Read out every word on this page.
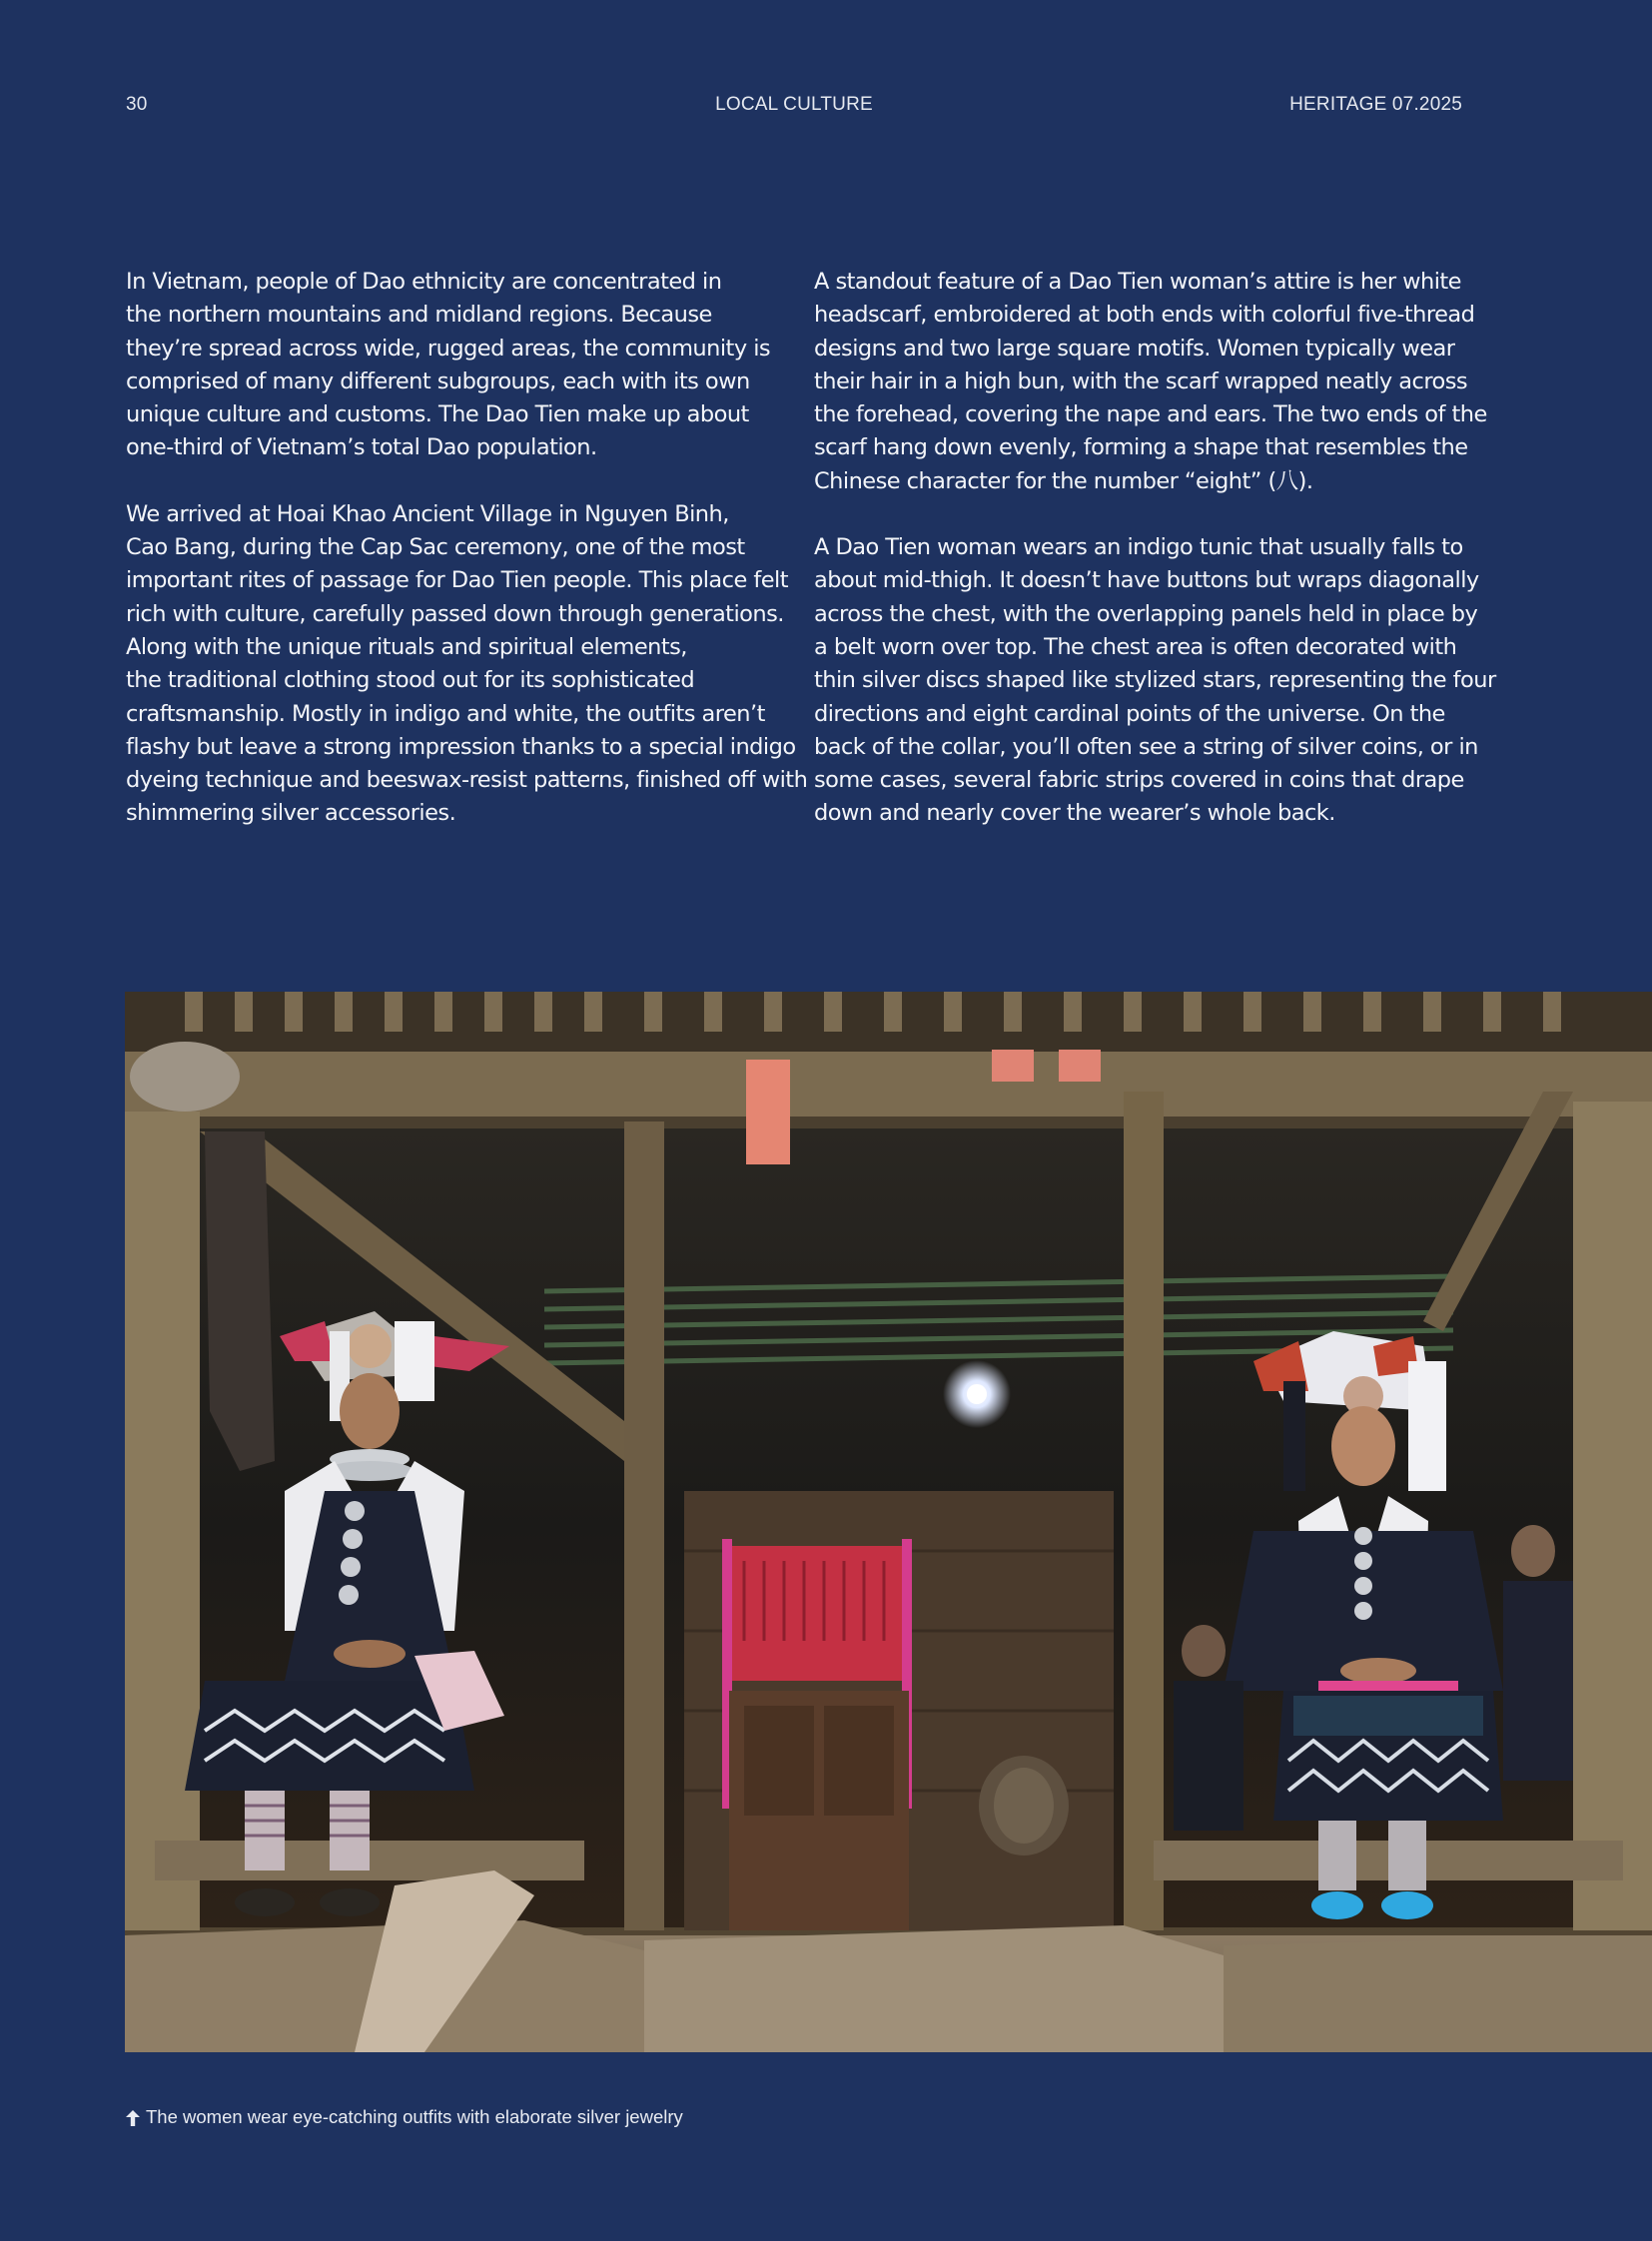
30	LOCAL CULTURE	HERITAGE 07.2025

In Vietnam, people of Dao ethnicity are concentrated in
the northern mountains and midland regions. Because
they’re spread across wide, rugged areas, the community is
comprised of many different subgroups, each with its own
unique culture and customs. The Dao Tien make up about
one-third of Vietnam’s total Dao population.

We arrived at Hoai Khao Ancient Village in Nguyen Binh,
Cao Bang, during the Cap Sac ceremony, one of the most
important rites of passage for Dao Tien people. This place felt
rich with culture, carefully passed down through generations.
Along with the unique rituals and spiritual elements,
the traditional clothing stood out for its sophisticated
craftsmanship. Mostly in indigo and white, the outfits aren’t
flashy but leave a strong impression thanks to a special indigo
dyeing technique and beeswax-resist patterns, finished off with
shimmering silver accessories.

A standout feature of a Dao Tien woman’s attire is her white
headscarf, embroidered at both ends with colorful five-thread
designs and two large square motifs. Women typically wear
their hair in a high bun, with the scarf wrapped neatly across
the forehead, covering the nape and ears. The two ends of the
scarf hang down evenly, forming a shape that resembles the
Chinese character for the number “eight” (八).

A Dao Tien woman wears an indigo tunic that usually falls to
about mid-thigh. It doesn’t have buttons but wraps diagonally
across the chest, with the overlapping panels held in place by
a belt worn over top. The chest area is often decorated with
thin silver discs shaped like stylized stars, representing the four
directions and eight cardinal points of the universe. On the
back of the collar, you’ll often see a string of silver coins, or in
some cases, several fabric strips covered in coins that drape
down and nearly cover the wearer’s whole back.

The women wear eye-catching outfits with elaborate silver jewelry
